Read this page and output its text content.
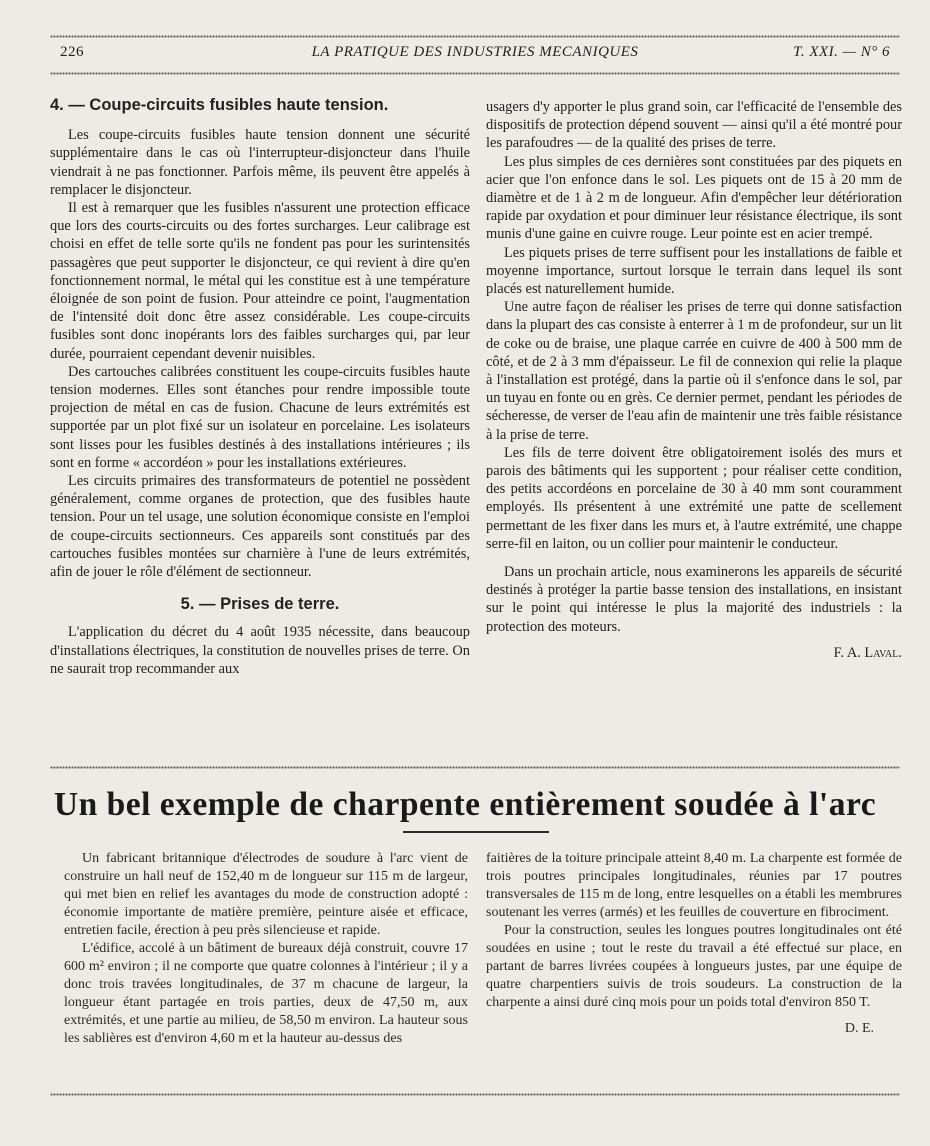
226	LA PRATIQUE DES INDUSTRIES MECANIQUES	T. XXI. — N° 6

4. — Coupe-circuits fusibles haute tension.

Les coupe-circuits fusibles haute tension donnent une sécurité supplémentaire dans le cas où l'interrupteur-disjoncteur dans l'huile viendrait à ne pas fonctionner. Parfois même, ils peuvent être appelés à remplacer le disjoncteur.

Il est à remarquer que les fusibles n'assurent une protection efficace que lors des courts-circuits ou des fortes surcharges. Leur calibrage est choisi en effet de telle sorte qu'ils ne fondent pas pour les surintensités passagères que peut supporter le disjoncteur, ce qui revient à dire qu'en fonctionnement normal, le métal qui les constitue est à une température éloignée de son point de fusion. Pour atteindre ce point, l'augmentation de l'intensité doit donc être assez considérable. Les coupe-circuits fusibles sont donc inopérants lors des faibles surcharges qui, par leur durée, pourraient cependant devenir nuisibles.

Des cartouches calibrées constituent les coupe-circuits fusibles haute tension modernes. Elles sont étanches pour rendre impossible toute projection de métal en cas de fusion. Chacune de leurs extrémités est supportée par un plot fixé sur un isolateur en porcelaine. Les isolateurs sont lisses pour les fusibles destinés à des installations intérieures ; ils sont en forme « accordéon » pour les installations extérieures.

Les circuits primaires des transformateurs de potentiel ne possèdent généralement, comme organes de protection, que des fusibles haute tension. Pour un tel usage, une solution économique consiste en l'emploi de coupe-circuits sectionneurs. Ces appareils sont constitués par des cartouches fusibles montées sur charnière à l'une de leurs extrémités, afin de jouer le rôle d'élément de sectionneur.

5. — Prises de terre.

L'application du décret du 4 août 1935 nécessite, dans beaucoup d'installations électriques, la constitution de nouvelles prises de terre. On ne saurait trop recommander aux

usagers d'y apporter le plus grand soin, car l'efficacité de l'ensemble des dispositifs de protection dépend souvent — ainsi qu'il a été montré pour les parafoudres — de la qualité des prises de terre.

Les plus simples de ces dernières sont constituées par des piquets en acier que l'on enfonce dans le sol. Les piquets ont de 15 à 20 mm de diamètre et de 1 à 2 m de longueur. Afin d'empêcher leur détérioration rapide par oxydation et pour diminuer leur résistance électrique, ils sont munis d'une gaine en cuivre rouge. Leur pointe est en acier trempé.

Les piquets prises de terre suffisent pour les installations de faible et moyenne importance, surtout lorsque le terrain dans lequel ils sont placés est naturellement humide.

Une autre façon de réaliser les prises de terre qui donne satisfaction dans la plupart des cas consiste à enterrer à 1 m de profondeur, sur un lit de coke ou de braise, une plaque carrée en cuivre de 400 à 500 mm de côté, et de 2 à 3 mm d'épaisseur. Le fil de connexion qui relie la plaque à l'installation est protégé, dans la partie où il s'enfonce dans le sol, par un tuyau en fonte ou en grès. Ce dernier permet, pendant les périodes de sécheresse, de verser de l'eau afin de maintenir une très faible résistance à la prise de terre.

Les fils de terre doivent être obligatoirement isolés des murs et parois des bâtiments qui les supportent ; pour réaliser cette condition, des petits accordéons en porcelaine de 30 à 40 mm sont couramment employés. Ils présentent à une extrémité une patte de scellement permettant de les fixer dans les murs et, à l'autre extrémité, une chappe serre-fil en laiton, ou un collier pour maintenir le conducteur.

Dans un prochain article, nous examinerons les appareils de sécurité destinés à protéger la partie basse tension des installations, en insistant sur le point qui intéresse le plus la majorité des industriels : la protection des moteurs.

F. A. Laval.

Un bel exemple de charpente entièrement soudée à l'arc

Un fabricant britannique d'électrodes de soudure à l'arc vient de construire un hall neuf de 152,40 m de longueur sur 115 m de largeur, qui met bien en relief les avantages du mode de construction adopté : économie importante de matière première, peinture aisée et efficace, entretien facile, érection à peu près silencieuse et rapide.

L'édifice, accolé à un bâtiment de bureaux déjà construit, couvre 17 600 m² environ ; il ne comporte que quatre colonnes à l'intérieur ; il y a donc trois travées longitudinales, de 37 m chacune de largeur, la longueur étant partagée en trois parties, deux de 47,50 m, aux extrémités, et une partie au milieu, de 58,50 m environ. La hauteur sous les sablières est d'environ 4,60 m et la hauteur au-dessus des

faitières de la toiture principale atteint 8,40 m. La charpente est formée de trois poutres principales longitudinales, réunies par 17 poutres transversales de 115 m de long, entre lesquelles on a établi les membrures soutenant les verres (armés) et les feuilles de couverture en fibrociment.

Pour la construction, seules les longues poutres longitudinales ont été soudées en usine ; tout le reste du travail a été effectué sur place, en partant de barres livrées coupées à longueurs justes, par une équipe de quatre charpentiers suivis de trois soudeurs. La construction de la charpente a ainsi duré cinq mois pour un poids total d'environ 850 T.

D. E.
